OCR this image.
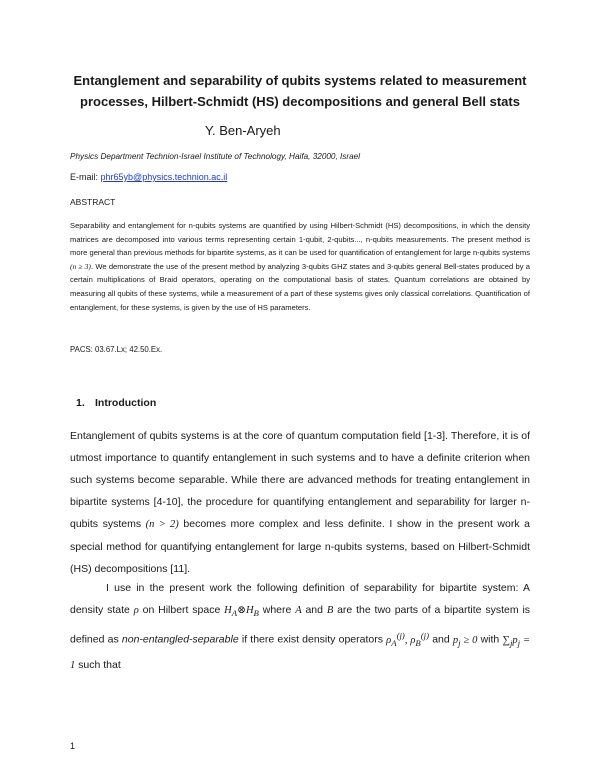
Entanglement and separability of qubits systems related to measurement processes, Hilbert-Schmidt (HS) decompositions and general Bell stats
Y. Ben-Aryeh
Physics Department Technion-Israel Institute of Technology, Haifa, 32000, Israel
E-mail: phr65yb@physics.technion.ac.il
ABSTRACT
Separability and entanglement for n-qubits systems are quantified by using Hilbert-Schmidt (HS) decompositions, in which the density matrices are decomposed into various terms representing certain 1-qubit, 2-qubits..., n-qubits measurements. The present method is more general than previous methods for bipartite systems, as it can be used for quantification of entanglement for large n-qubits systems (n ≥ 3). We demonstrate the use of the present method by analyzing 3-qubits GHZ states and 3-qubits general Bell-states produced by a certain multiplications of Braid operators, operating on the computational basis of states. Quantum correlations are obtained by measuring all qubits of these systems, while a measurement of a part of these systems gives only classical correlations. Quantification of entanglement, for these systems, is given by the use of HS parameters.
PACS: 03.67.Lx; 42.50.Ex.
1. Introduction
Entanglement of qubits systems is at the core of quantum computation field [1-3]. Therefore, it is of utmost importance to quantify entanglement in such systems and to have a definite criterion when such systems become separable. While there are advanced methods for treating entanglement in bipartite systems [4-10], the procedure for quantifying entanglement and separability for larger n-qubits systems (n > 2) becomes more complex and less definite. I show in the present work a special method for quantifying entanglement for large n-qubits systems, based on Hilbert-Schmidt (HS) decompositions [11].
I use in the present work the following definition of separability for bipartite system: A density state ρ on Hilbert space $H_A\otimes H_B$ where A and B are the two parts of a bipartite system is defined as non-entangled-separable if there exist density operators $\rho_A^{(j)}$, $\rho_B^{(j)}$ and $p_j \ge 0$ with $\sum_jp_j = 1$ such that
1
